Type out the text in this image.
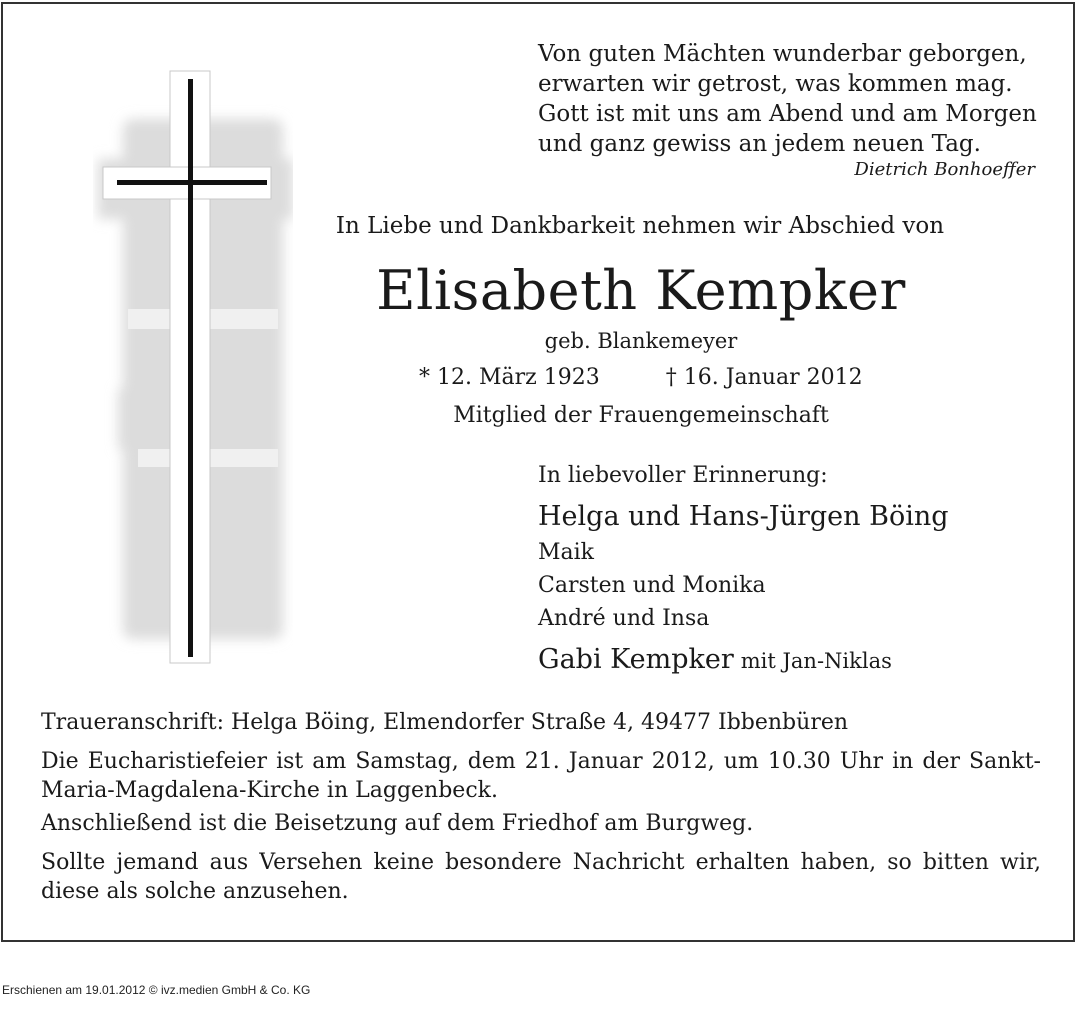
Von guten Mächten wunderbar geborgen,
erwarten wir getrost, was kommen mag.
Gott ist mit uns am Abend und am Morgen
und ganz gewiss an jedem neuen Tag.
Dietrich Bonhoeffer
In Liebe und Dankbarkeit nehmen wir Abschied von
Elisabeth Kempker
geb. Blankemeyer
* 12. März 1923	† 16. Januar 2012
Mitglied der Frauengemeinschaft
In liebevoller Erinnerung:
Helga und Hans-Jürgen Böing
Maik
Carsten und Monika
André und Insa
Gabi Kempker mit Jan-Niklas

Traueranschrift: Helga Böing, Elmendorfer Straße 4, 49477 Ibbenbüren

Die Eucharistiefeier ist am Samstag, dem 21. Januar 2012, um 10.30 Uhr in der Sankt-Maria-Magdalena-Kirche in Laggenbeck.

Anschließend ist die Beisetzung auf dem Friedhof am Burgweg.

Sollte jemand aus Versehen keine besondere Nachricht erhalten haben, so bitten wir, diese als solche anzusehen.

Erschienen am 19.01.2012 © ivz.medien GmbH & Co. KG
